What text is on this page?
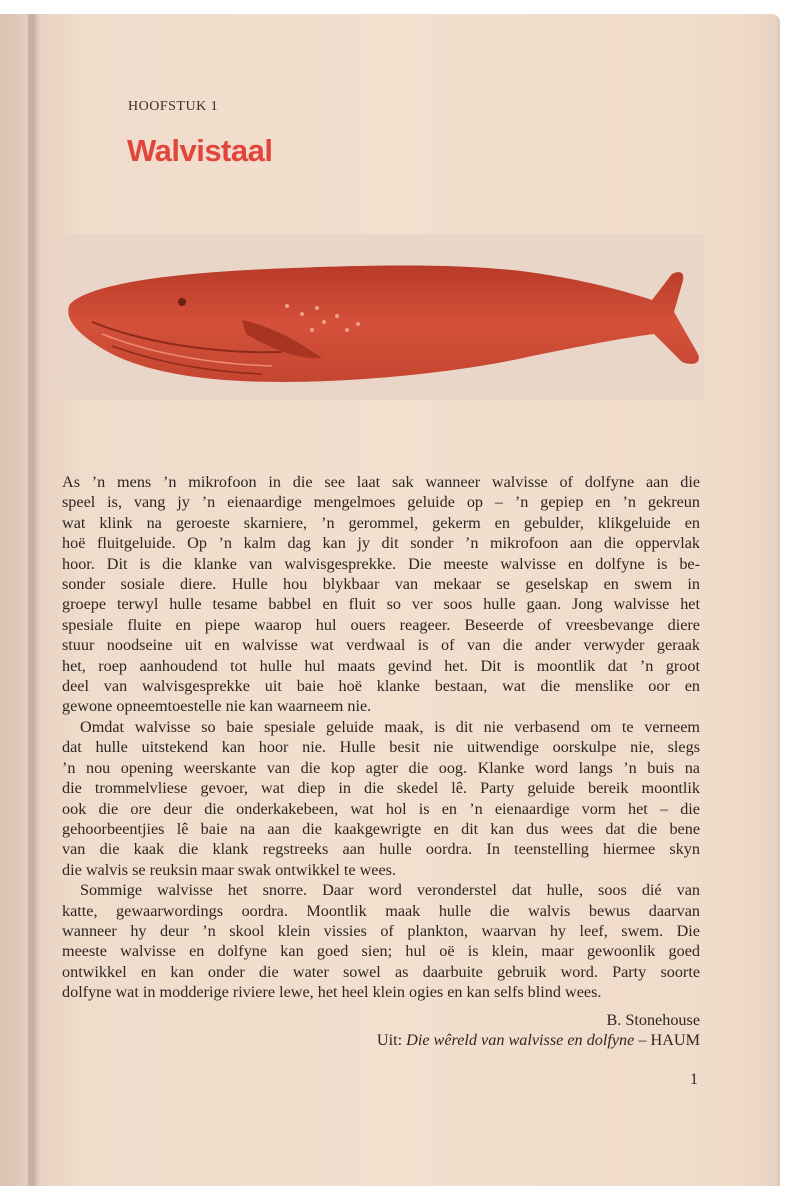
HOOFSTUK 1
Walvistaal

As ’n mens ’n mikrofoon in die see laat sak wanneer walvisse of dolfyne aan die
speel is, vang jy ’n eienaardige mengelmoes geluide op – ’n gepiep en ’n gekreun
wat klink na geroeste skarniere, ’n gerommel, gekerm en gebulder, klikgeluide en
hoë fluitgeluide. Op ’n kalm dag kan jy dit sonder ’n mikrofoon aan die oppervlak
hoor. Dit is die klanke van walvisgesprekke. Die meeste walvisse en dolfyne is be-
sonder sosiale diere. Hulle hou blykbaar van mekaar se geselskap en swem in
groepe terwyl hulle tesame babbel en fluit so ver soos hulle gaan. Jong walvisse het
spesiale fluite en piepe waarop hul ouers reageer. Beseerde of vreesbevange diere
stuur noodseine uit en walvisse wat verdwaal is of van die ander verwyder geraak
het, roep aanhoudend tot hulle hul maats gevind het. Dit is moontlik dat ’n groot
deel van walvisgesprekke uit baie hoë klanke bestaan, wat die menslike oor en
gewone opneemtoestelle nie kan waarneem nie.

Omdat walvisse so baie spesiale geluide maak, is dit nie verbasend om te verneem
dat hulle uitstekend kan hoor nie. Hulle besit nie uitwendige oorskulpe nie, slegs
’n nou opening weerskante van die kop agter die oog. Klanke word langs ’n buis na
die trommelvliese gevoer, wat diep in die skedel lê. Party geluide bereik moontlik
ook die ore deur die onderkakebeen, wat hol is en ’n eienaardige vorm het – die
gehoorbeentjies lê baie na aan die kaakgewrigte en dit kan dus wees dat die bene
van die kaak die klank regstreeks aan hulle oordra. In teenstelling hiermee skyn
die walvis se reuksin maar swak ontwikkel te wees.

Sommige walvisse het snorre. Daar word veronderstel dat hulle, soos dié van
katte, gewaarwordings oordra. Moontlik maak hulle die walvis bewus daarvan
wanneer hy deur ’n skool klein vissies of plankton, waarvan hy leef, swem. Die
meeste walvisse en dolfyne kan goed sien; hul oë is klein, maar gewoonlik goed
ontwikkel en kan onder die water sowel as daarbuite gebruik word. Party soorte
dolfyne wat in modderige riviere lewe, het heel klein ogies en kan selfs blind wees.

B. Stonehouse
Uit: Die wêreld van walvisse en dolfyne – HAUM
1
